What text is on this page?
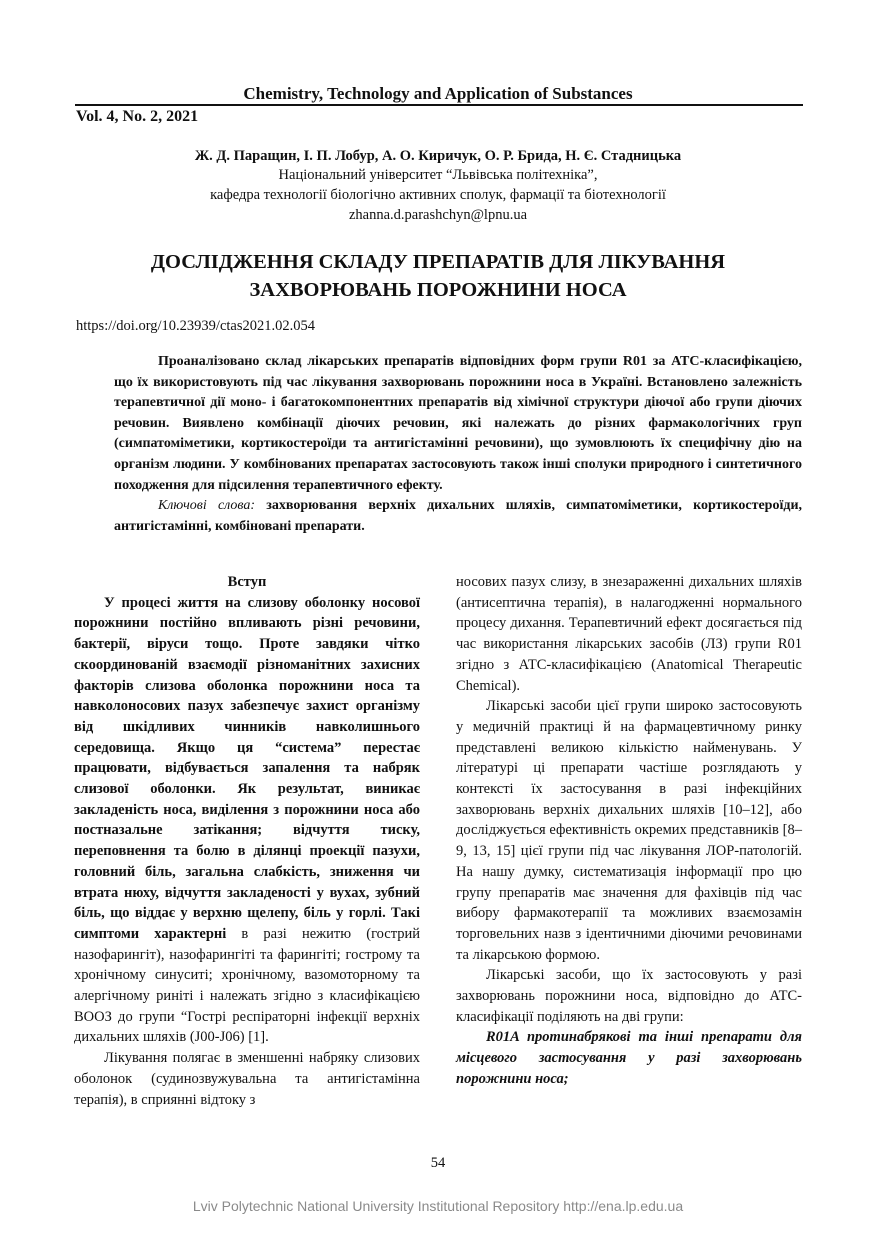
Chemistry, Technology and Application of Substances
Vol. 4, No. 2, 2021
Ж. Д. Паращин, І. П. Лобур, А. О. Киричук, О. Р. Брида, Н. Є. Стадницька
Національний університет “Львівська політехніка”,
кафедра технології біологічно активних сполук, фармації та біотехнології
zhanna.d.parashchyn@lpnu.ua
ДОСЛІДЖЕННЯ СКЛАДУ ПРЕПАРАТІВ ДЛЯ ЛІКУВАННЯ
ЗАХВОРЮВАНЬ ПОРОЖНИНИ НОСА
https://doi.org/10.23939/ctas2021.02.054

Проаналізовано склад лікарських препаратів відповідних форм групи R01 за АТС-класифікацією, що їх використовують під час лікування захворювань порожнини носа в Україні. Встановлено залежність терапевтичної дії моно- і багатокомпонентних препаратів від хімічної структури діючої або групи діючих речовин. Виявлено комбінації діючих речовин, які належать до різних фармакологічних груп (симпатоміметики, кортикостероїди та антигістамінні речовини), що зумовлюють їх специфічну дію на організм людини. У комбінованих препаратах застосовують також інші сполуки природного і синтетичного походження для підсилення терапевтичного ефекту.

Ключові слова: захворювання верхніх дихальних шляхів, симпатоміметики, кортикостероїди, антигістамінні, комбіновані препарати.

Вступ

У процесі життя на слизову оболонку носової порожнини постійно впливають різні речовини, бактерії, віруси тощо. Проте завдяки чітко скоординованій взаємодії різноманітних захисних факторів слизова оболонка порожнини носа та навколоносових пазух забезпечує захист організму від шкідливих чинників навколишнього середовища. Якщо ця “система” перестає працювати, відбувається запалення та набряк слизової оболонки. Як результат, виникає закладеність носа, виділення з порожнини носа або постназальне затікання; відчуття тиску, переповнення та болю в ділянці проекції пазухи, головний біль, загальна слабкість, зниження чи втрата нюху, відчуття закладеності у вухах, зубний біль, що віддає у верхню щелепу, біль у горлі. Такі симптоми характерні в разі нежитю (гострий назофарингіт), назофарингіті та фарингіті; гострому та хронічному синуситі; хронічному, вазомоторному та алергічному риніті і належать згідно з класифікацією ВООЗ до групи “Гострі респіраторні інфекції верхніх дихальних шляхів (J00-J06) [1].

Лікування полягає в зменшенні набряку слизових оболонок (судинозвужувальна та антигістамінна терапія), в сприянні відтоку з

носових пазух слизу, в знезараженні дихальних шляхів (антисептична терапія), в налагодженні нормального процесу дихання. Терапевтичний ефект досягається під час використання лікарських засобів (ЛЗ) групи R01 згідно з АТС-класифікацією (Anatomical Therapeutic Chemical).

Лікарські засоби цієї групи широко застосовують у медичній практиці й на фармацевтичному ринку представлені великою кількістю найменувань. У літературі ці препарати частіше розглядають у контексті їх застосування в разі інфекційних захворювань верхніх дихальних шляхів [10–12], або досліджується ефективність окремих представників [8–9, 13, 15] цієї групи під час лікування ЛОР-патологій. На нашу думку, систематизація інформації про цю групу препаратів має значення для фахівців під час вибору фармакотерапії та можливих взаємозамін торговельних назв з ідентичними діючими речовинами та лікарською формою.

Лікарські засоби, що їх застосовують у разі захворювань порожнини носа, відповідно до АТС-класифікації поділяють на дві групи:

R01A протинабрякові та інші препарати для місцевого застосування у разі захворювань порожнини носа;

54
Lviv Polytechnic National University Institutional Repository http://ena.lp.edu.ua
